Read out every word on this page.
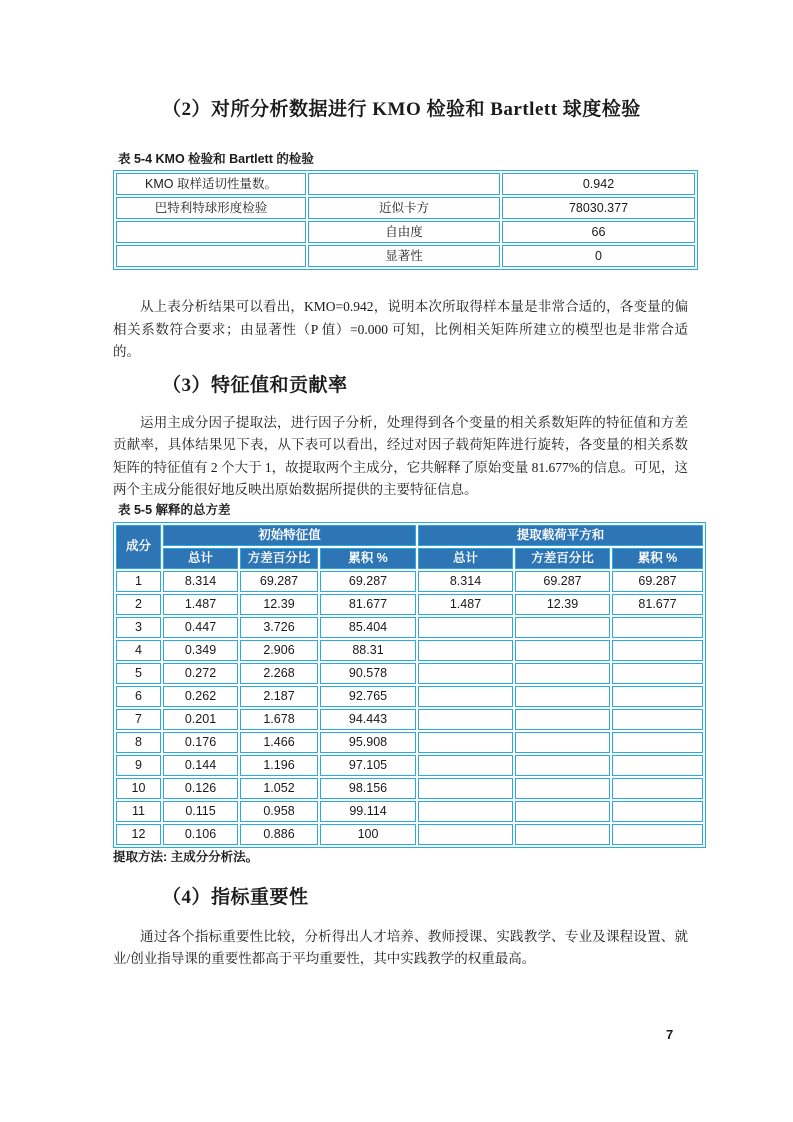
（2）对所分析数据进行 KMO 检验和 Bartlett 球度检验

表 5-4 KMO 检验和 Bartlett 的检验

KMO 取样适切性量数。		0.942
巴特利特球形度检验	近似卡方	78030.377
	自由度	66
	显著性	0

从上表分析结果可以看出，KMO=0.942，说明本次所取得样本量是非常合适的，各变量的偏相关系数符合要求；由显著性（P 值）=0.000 可知，比例相关矩阵所建立的模型也是非常合适的。

（3）特征值和贡献率

运用主成分因子提取法，进行因子分析，处理得到各个变量的相关系数矩阵的特征值和方差贡献率，具体结果见下表，从下表可以看出，经过对因子载荷矩阵进行旋转，各变量的相关系数矩阵的特征值有 2 个大于 1，故提取两个主成分，它共解释了原始变量 81.677%的信息。可见，这两个主成分能很好地反映出原始数据所提供的主要特征信息。

表 5-5 解释的总方差

成分	初始特征值			提取载荷平方和		
	总计	方差百分比	累积 %	总计	方差百分比	累积 %
1	8.314	69.287	69.287	8.314	69.287	69.287
2	1.487	12.39	81.677	1.487	12.39	81.677
3	0.447	3.726	85.404			
4	0.349	2.906	88.31			
5	0.272	2.268	90.578			
6	0.262	2.187	92.765			
7	0.201	1.678	94.443			
8	0.176	1.466	95.908			
9	0.144	1.196	97.105			
10	0.126	1.052	98.156			
11	0.115	0.958	99.114			
12	0.106	0.886	100			

提取方法: 主成分分析法。

（4）指标重要性

通过各个指标重要性比较，分析得出人才培养、教师授课、实践教学、专业及课程设置、就业/创业指导课的重要性都高于平均重要性，其中实践教学的权重最高。

7
